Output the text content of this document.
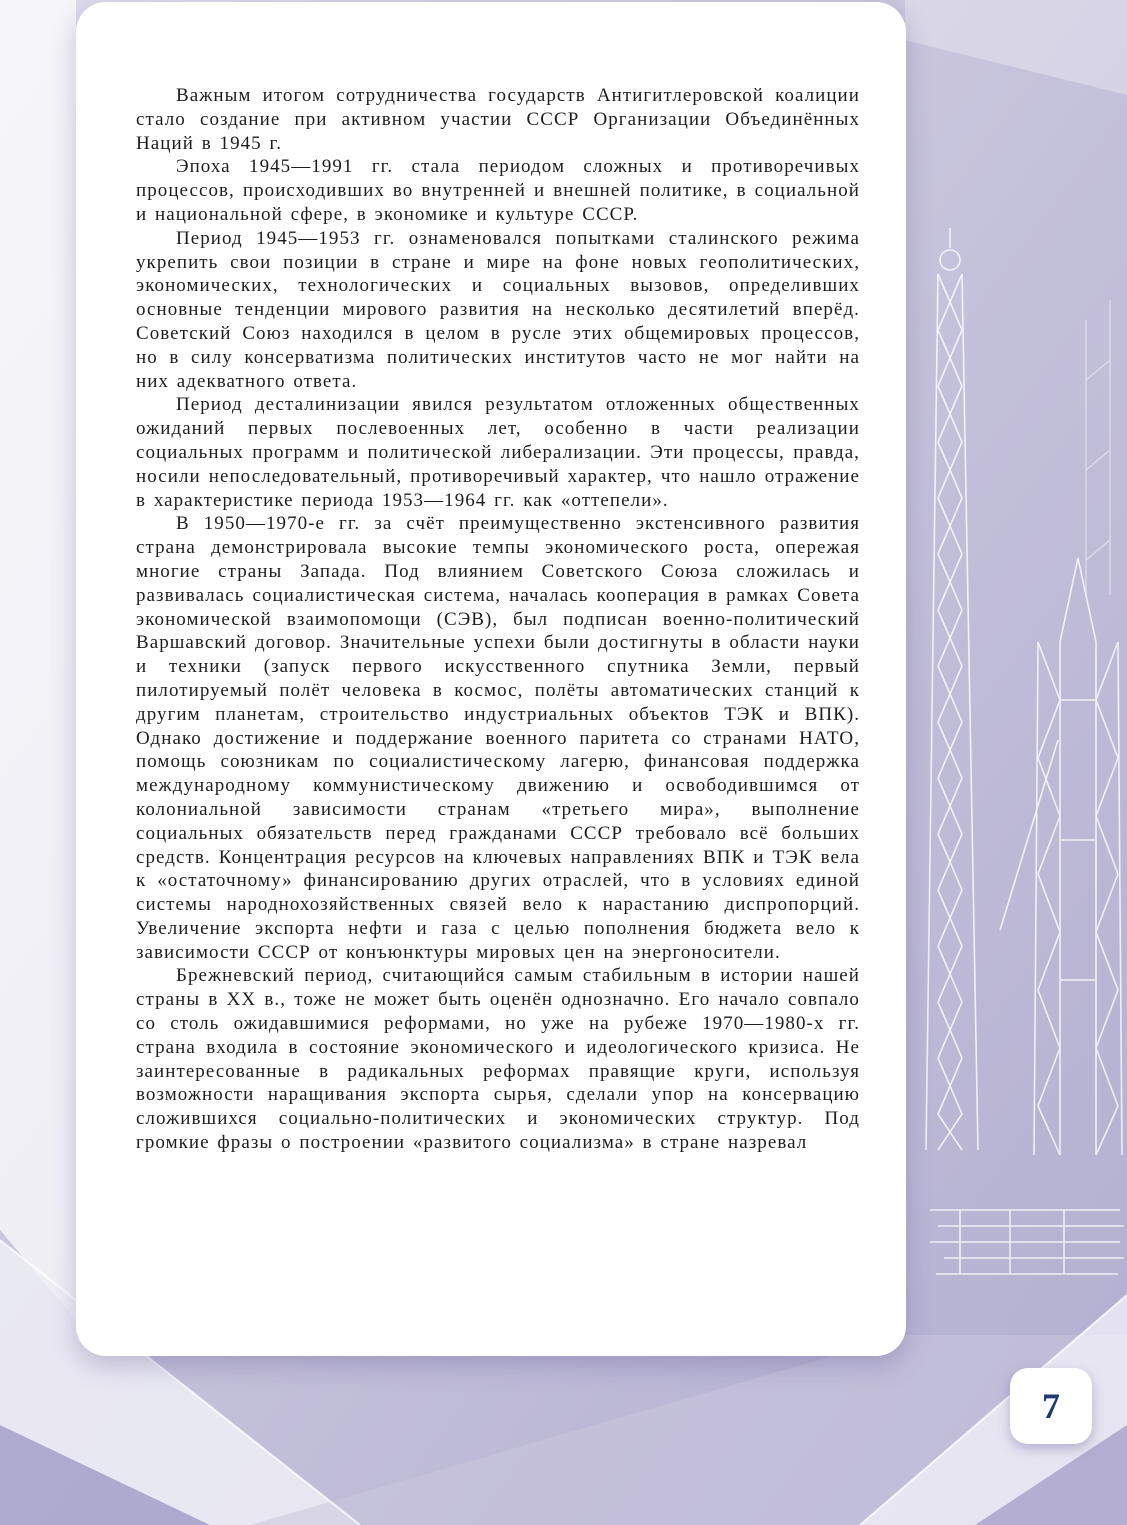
Важным итогом сотрудничества государств Антигитлеровской коалиции стало создание при активном участии СССР Организации Объединённых Наций в 1945 г.

Эпоха 1945—1991 гг. стала периодом сложных и противоречивых процессов, происходивших во внутренней и внешней политике, в социальной и национальной сфере, в экономике и культуре СССР.

Период 1945—1953 гг. ознаменовался попытками сталинского режима укрепить свои позиции в стране и мире на фоне новых геополитических, экономических, технологических и социальных вызовов, определивших основные тенденции мирового развития на несколько десятилетий вперёд. Советский Союз находился в целом в русле этих общемировых процессов, но в силу консерватизма политических институтов часто не мог найти на них адекватного ответа.

Период десталинизации явился результатом отложенных общественных ожиданий первых послевоенных лет, особенно в части реализации социальных программ и политической либерализации. Эти процессы, правда, носили непоследовательный, противоречивый характер, что нашло отражение в характеристике периода 1953—1964 гг. как «оттепели».

В 1950—1970-е гг. за счёт преимущественно экстенсивного развития страна демонстрировала высокие темпы экономического роста, опережая многие страны Запада. Под влиянием Советского Союза сложилась и развивалась социалистическая система, началась кооперация в рамках Совета экономической взаимопомощи (СЭВ), был подписан военно-политический Варшавский договор. Значительные успехи были достигнуты в области науки и техники (запуск первого искусственного спутника Земли, первый пилотируемый полёт человека в космос, полёты автоматических станций к другим планетам, строительство индустриальных объектов ТЭК и ВПК). Однако достижение и поддержание военного паритета со странами НАТО, помощь союзникам по социалистическому лагерю, финансовая поддержка международному коммунистическому движению и освободившимся от колониальной зависимости странам «третьего мира», выполнение социальных обязательств перед гражданами СССР требовало всё больших средств. Концентрация ресурсов на ключевых направлениях ВПК и ТЭК вела к «остаточному» финансированию других отраслей, что в условиях единой системы народнохозяйственных связей вело к нарастанию диспропорций. Увеличение экспорта нефти и газа с целью пополнения бюджета вело к зависимости СССР от конъюнктуры мировых цен на энергоносители.

Брежневский период, считающийся самым стабильным в истории нашей страны в XX в., тоже не может быть оценён однозначно. Его начало совпало со столь ожидавшимися реформами, но уже на рубеже 1970—1980-х гг. страна входила в состояние экономического и идеологического кризиса. Не заинтересованные в радикальных реформах правящие круги, используя возможности наращивания экспорта сырья, сделали упор на консервацию сложившихся социально-политических и экономических структур. Под громкие фразы о построении «развитого социализма» в стране назревал

7
